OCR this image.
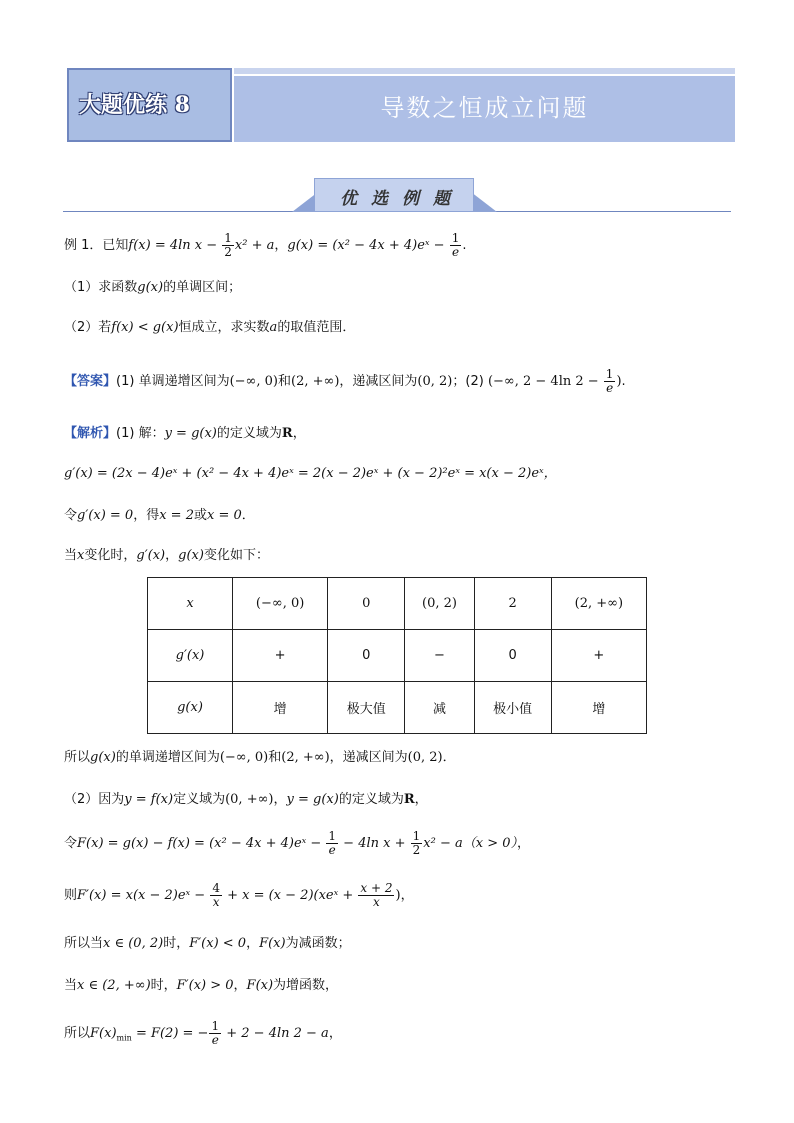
大题优练 8	导数之恒成立问题
优选例题
例 1．已知f(x) = 4ln $x - \frac{1}{2} x^2 + a$，g(x) = (x² − 4x + 4)eˣ − $\frac{1}{e}$ .
（1）求函数g(x)的单调区间；
（2）若f(x) < g(x)恒成立，求实数a的取值范围．
【答案】(1) 单调递增区间为(−∞, 0)和(2, +∞)，递减区间为(0, 2)；(2) (−∞, 2 − 4ln $2 - \frac{1}{e}$ ).
【解析】(1) 解：y = g(x)的定义域为R，
g′(x) = (2x − 4)eˣ + (x² − 4x + 4)eˣ = 2(x − 2)eˣ + (x − 2)²eˣ = x(x − 2)eˣ，
令g′(x) = 0，得x = 2或x = 0．
当x变化时，g′(x)，g(x)变化如下：
x	(−∞, 0)	0	(0, 2)	2	(2, +∞)
g′(x)	+	0	−	0	+
g(x)	增	极大值	减	极小值	增
所以g(x)的单调递增区间为(−∞, 0)和(2, +∞)，递减区间为(0, 2)．
（2）因为y = f(x)定义域为(0, +∞)，y = g(x)的定义域为R，
令F(x) = g(x) − f(x) = (x² − 4x + 4)eˣ − $\frac{1}{e} - 4\ln$ $x + \frac{1}{2} x^2 - a(x > 0)$，
则F′(x) = x(x − 2)eˣ − $\frac{4}{x} + x = (x$ − 2)(xeˣ + $\frac{x + 2}{x}$ )，
所以当x ∈ (0, 2)时，F′(x) < 0，F(x)为减函数；
当x ∈ (2, +∞)时，F′(x) > 0，F(x)为增函数，
所以$F(x)_{min} = F(2)$ = − $\frac{1}{e} + 2 - 4\ln$ 2 − a，
